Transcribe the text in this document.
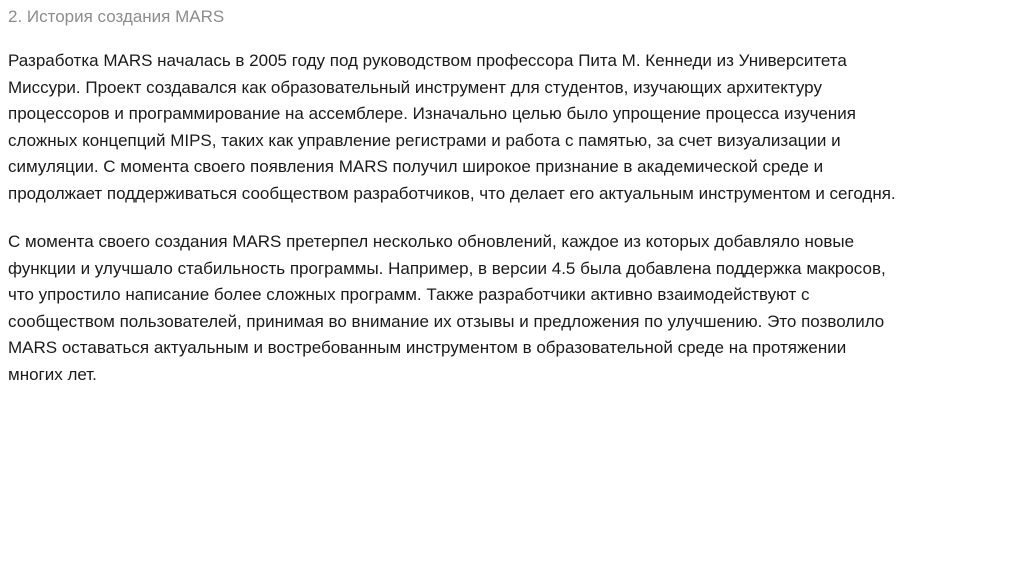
2. История создания MARS

Разработка MARS началась в 2005 году под руководством профессора Пита М. Кеннеди из Университета
Миссури. Проект создавался как образовательный инструмент для студентов, изучающих архитектуру
процессоров и программирование на ассемблере. Изначально целью было упрощение процесса изучения
сложных концепций MIPS, таких как управление регистрами и работа с памятью, за счет визуализации и
симуляции. С момента своего появления MARS получил широкое признание в академической среде и
продолжает поддерживаться сообществом разработчиков, что делает его актуальным инструментом и сегодня.

С момента своего создания MARS претерпел несколько обновлений, каждое из которых добавляло новые
функции и улучшало стабильность программы. Например, в версии 4.5 была добавлена поддержка макросов,
что упростило написание более сложных программ. Также разработчики активно взаимодействуют с
сообществом пользователей, принимая во внимание их отзывы и предложения по улучшению. Это позволило
MARS оставаться актуальным и востребованным инструментом в образовательной среде на протяжении
многих лет.
